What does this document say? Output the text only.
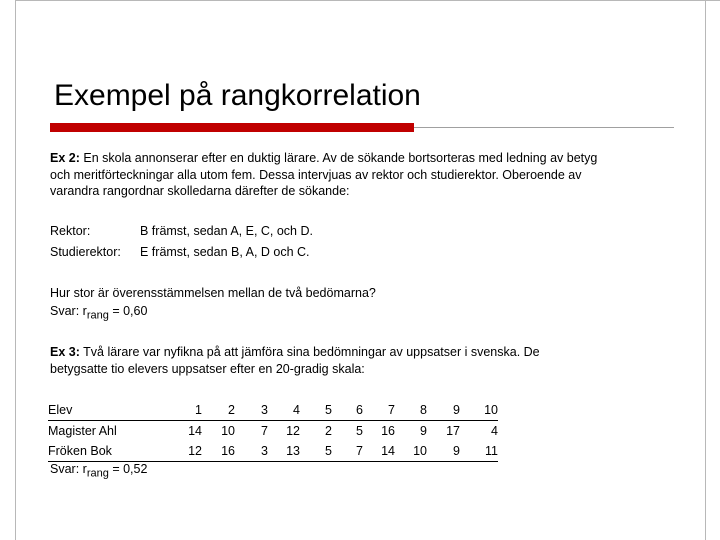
Exempel på rangkorrelation
Ex 2: En skola annonserar efter en duktig lärare. Av de sökande bortsorteras med ledning av betyg
och meritförteckningar alla utom fem. Dessa intervjuas av rektor och studierektor. Oberoende av
varandra rangordnar skolledarna därefter de sökande:
Rektor:	B främst, sedan A, E, C, och D.
Studierektor: E främst, sedan B, A, D och C.
Hur stor är överensstämmelsen mellan de två bedömarna?
Svar: $r_{rang} = 0,60$
Ex 3: Två lärare var nyfikna på att jämföra sina bedömningar av uppsatser i svenska. De
betygsatte tio elevers uppsatser efter en 20-gradig skala:
Elev	1	2	3	4	5	6	7	8	9	10
Magister Ahl	14	10	7	12	2	5	16	9	17	4
Fröken Bok	12	16	3	13	5	7	14	10	9	11
Svar: $r_{rang} = 0,52$
